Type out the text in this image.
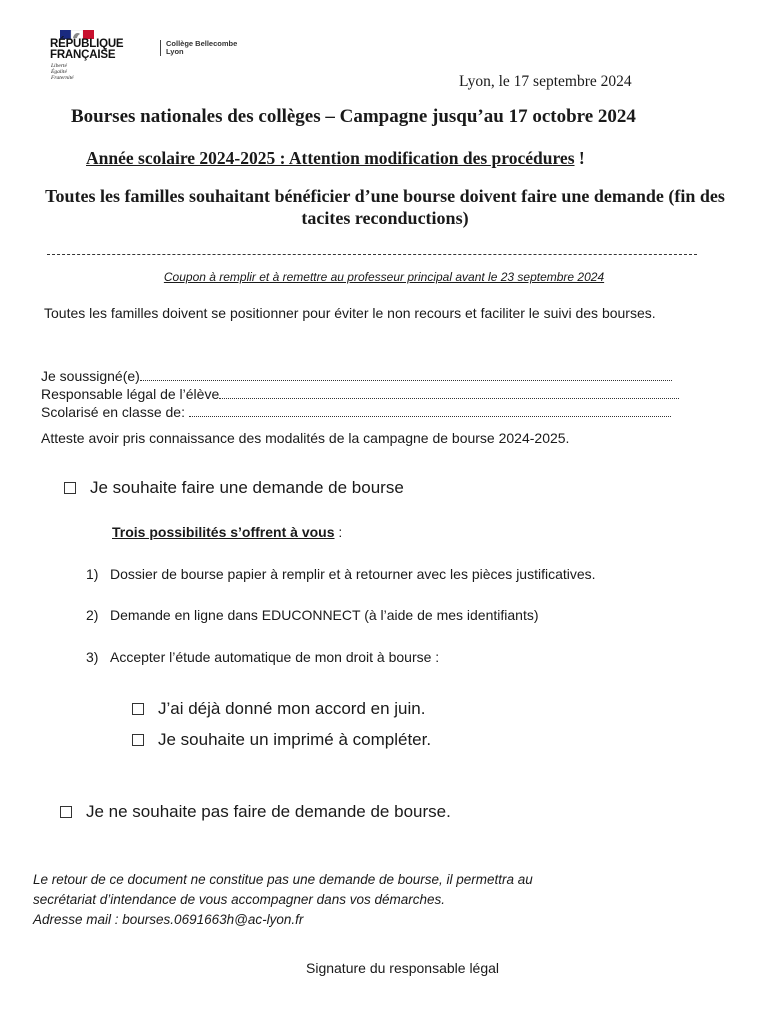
RÉPUBLIQUE
FRANÇAISE
Liberté
Égalité
Fraternité
Collège Bellecombe
Lyon
Lyon, le 17 septembre 2024
Bourses nationales des collèges – Campagne jusqu’au 17 octobre 2024
Année scolaire 2024-2025 : Attention modification des procédures !
Toutes les familles souhaitant bénéficier d’une bourse doivent faire une demande (fin des tacites reconductions)
Coupon à remplir et à remettre au professeur principal avant le 23 septembre 2024
Toutes les familles doivent se positionner pour éviter le non recours et faciliter le suivi des bourses.
Je soussigné(e)
Responsable légal de l’élève
Scolarisé en classe de:
Atteste avoir pris connaissance des modalités de la campagne de bourse 2024-2025.
Je souhaite faire une demande de bourse
Trois possibilités s’offrent à vous :
1) Dossier de bourse papier à remplir et à retourner avec les pièces justificatives.
2) Demande en ligne dans EDUCONNECT (à l’aide de mes identifiants)
3) Accepter l’étude automatique de mon droit à bourse :
J’ai déjà donné mon accord en juin.
Je souhaite un imprimé à compléter.
Je ne souhaite pas faire de demande de bourse.
Le retour de ce document ne constitue pas une demande de bourse, il permettra au
secrétariat d’intendance de vous accompagner dans vos démarches.
Adresse mail : bourses.0691663h@ac-lyon.fr
Signature du responsable légal
